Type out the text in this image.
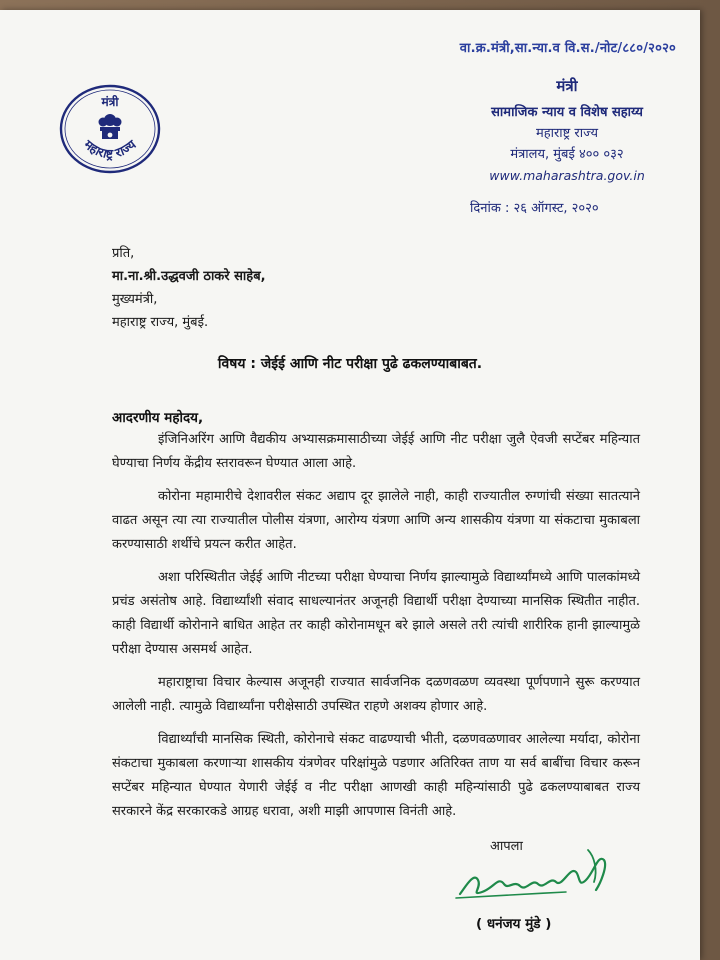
वा.क्र.मंत्री,सा.न्या.व वि.स./नोट/८८०/२०२०
मंत्री
महाराष्ट्र राज्य
मंत्री
सामाजिक न्याय व विशेष सहाय्य
महाराष्ट्र राज्य
मंत्रालय, मुंबई ४०० ०३२
www.maharashtra.gov.in
दिनांक : २६ ऑगस्ट, २०२०
प्रति,
मा.ना.श्री.उद्धवजी ठाकरे साहेब,
मुख्यमंत्री,
महाराष्ट्र राज्य, मुंबई.
विषय : जेईई आणि नीट परीक्षा पुढे ढकलण्याबाबत.
आदरणीय महोदय,

इंजिनिअरिंग आणि वैद्यकीय अभ्यासक्रमासाठीच्या जेईई आणि नीट परीक्षा जुलै ऐवजी सप्टेंबर महिन्यात घेण्याचा निर्णय केंद्रीय स्तरावरून घेण्यात आला आहे.

कोरोना महामारीचे देशावरील संकट अद्याप दूर झालेले नाही, काही राज्यातील रुग्णांची संख्या सातत्याने वाढत असून त्या त्या राज्यातील पोलीस यंत्रणा, आरोग्य यंत्रणा आणि अन्य शासकीय यंत्रणा या संकटाचा मुकाबला करण्यासाठी शर्थीचे प्रयत्न करीत आहेत.

अशा परिस्थितीत जेईई आणि नीटच्या परीक्षा घेण्याचा निर्णय झाल्यामुळे विद्यार्थ्यांमध्ये आणि पालकांमध्ये प्रचंड असंतोष आहे. विद्यार्थ्यांशी संवाद साधल्यानंतर अजूनही विद्यार्थी परीक्षा देण्याच्या मानसिक स्थितीत नाहीत. काही विद्यार्थी कोरोनाने बाधित आहेत तर काही कोरोनामधून बरे झाले असले तरी त्यांची शारीरिक हानी झाल्यामुळे परीक्षा देण्यास असमर्थ आहेत.

महाराष्ट्राचा विचार केल्यास अजूनही राज्यात सार्वजनिक दळणवळण व्यवस्था पूर्णपणाने सुरू करण्यात आलेली नाही. त्यामुळे विद्यार्थ्यांना परीक्षेसाठी उपस्थित राहणे अशक्य होणार आहे.

विद्यार्थ्यांची मानसिक स्थिती, कोरोनाचे संकट वाढण्याची भीती, दळणवळणावर आलेल्या मर्यादा, कोरोना संकटाचा मुकाबला करणाऱ्या शासकीय यंत्रणेवर परिक्षांमुळे पडणार अतिरिक्त ताण या सर्व बाबींचा विचार करून सप्टेंबर महिन्यात घेण्यात येणारी जेईई व नीट परीक्षा आणखी काही महिन्यांसाठी पुढे ढकलण्याबाबत राज्य सरकारने केंद्र सरकारकडे आग्रह धरावा, अशी माझी आपणास विनंती आहे.

आपला
( धनंजय मुंडे )
